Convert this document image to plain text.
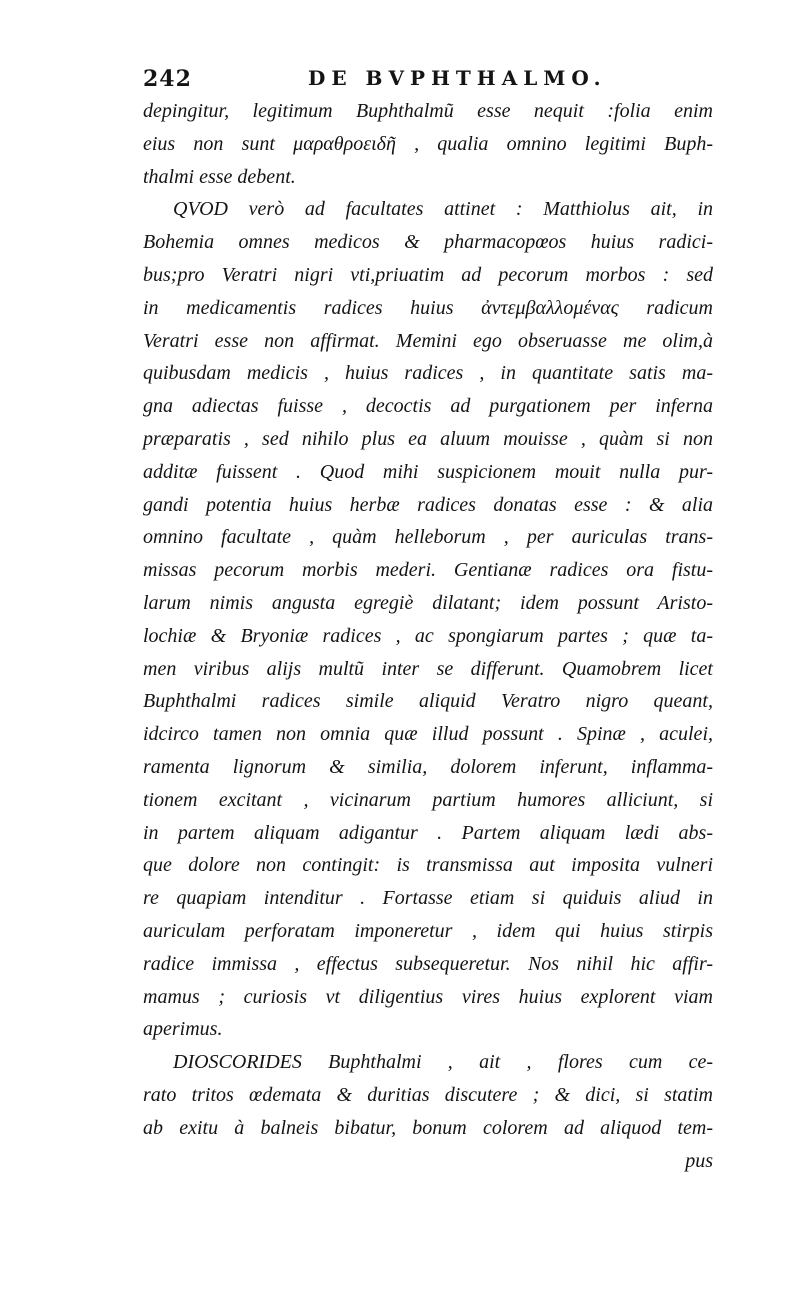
242	DE BVPHTHALMO.
depingitur, legitimum Buphthalmũ esse nequit :folia enim
eius non sunt μαραθροειδῆ , qualia omnino legitimi Buph-
thalmi esse debent.
QVOD verò ad facultates attinet : Matthiolus ait, in
Bohemia omnes medicos & pharmacopœos huius radici-
bus;pro Veratri nigri vti,priuatim ad pecorum morbos : sed
in medicamentis radices huius ἀντεμβαλλομένας radicum
Veratri esse non affirmat. Memini ego obseruasse me olim,à
quibusdam medicis , huius radices , in quantitate satis ma-
gna adiectas fuisse , decoctis ad purgationem per inferna
præparatis , sed nihilo plus ea aluum mouisse , quàm si non
additæ fuissent . Quod mihi suspicionem mouit nulla pur-
gandi potentia huius herbæ radices donatas esse : & alia
omnino facultate , quàm helleborum , per auriculas trans-
missas pecorum morbis mederi. Gentianæ radices ora fistu-
larum nimis angusta egregiè dilatant; idem possunt Aristo-
lochiæ & Bryoniæ radices , ac spongiarum partes ; quæ ta-
men viribus alijs multũ inter se differunt. Quamobrem licet
Buphthalmi radices simile aliquid Veratro nigro queant,
idcirco tamen non omnia quæ illud possunt . Spinæ , aculei,
ramenta lignorum & similia, dolorem inferunt, inflamma-
tionem excitant , vicinarum partium humores alliciunt, si
in partem aliquam adigantur . Partem aliquam lædi abs-
que dolore non contingit: is transmissa aut imposita vulneri
re quapiam intenditur . Fortasse etiam si quiduis aliud in
auriculam perforatam imponeretur , idem qui huius stirpis
radice immissa , effectus subsequeretur. Nos nihil hic affir-
mamus ; curiosis vt diligentius vires huius explorent viam
aperimus.
DIOSCORIDES Buphthalmi , ait , flores cum ce-
rato tritos œdemata & duritias discutere ; & dici, si statim
ab exitu à balneis bibatur, bonum colorem ad aliquod tem-
pus
